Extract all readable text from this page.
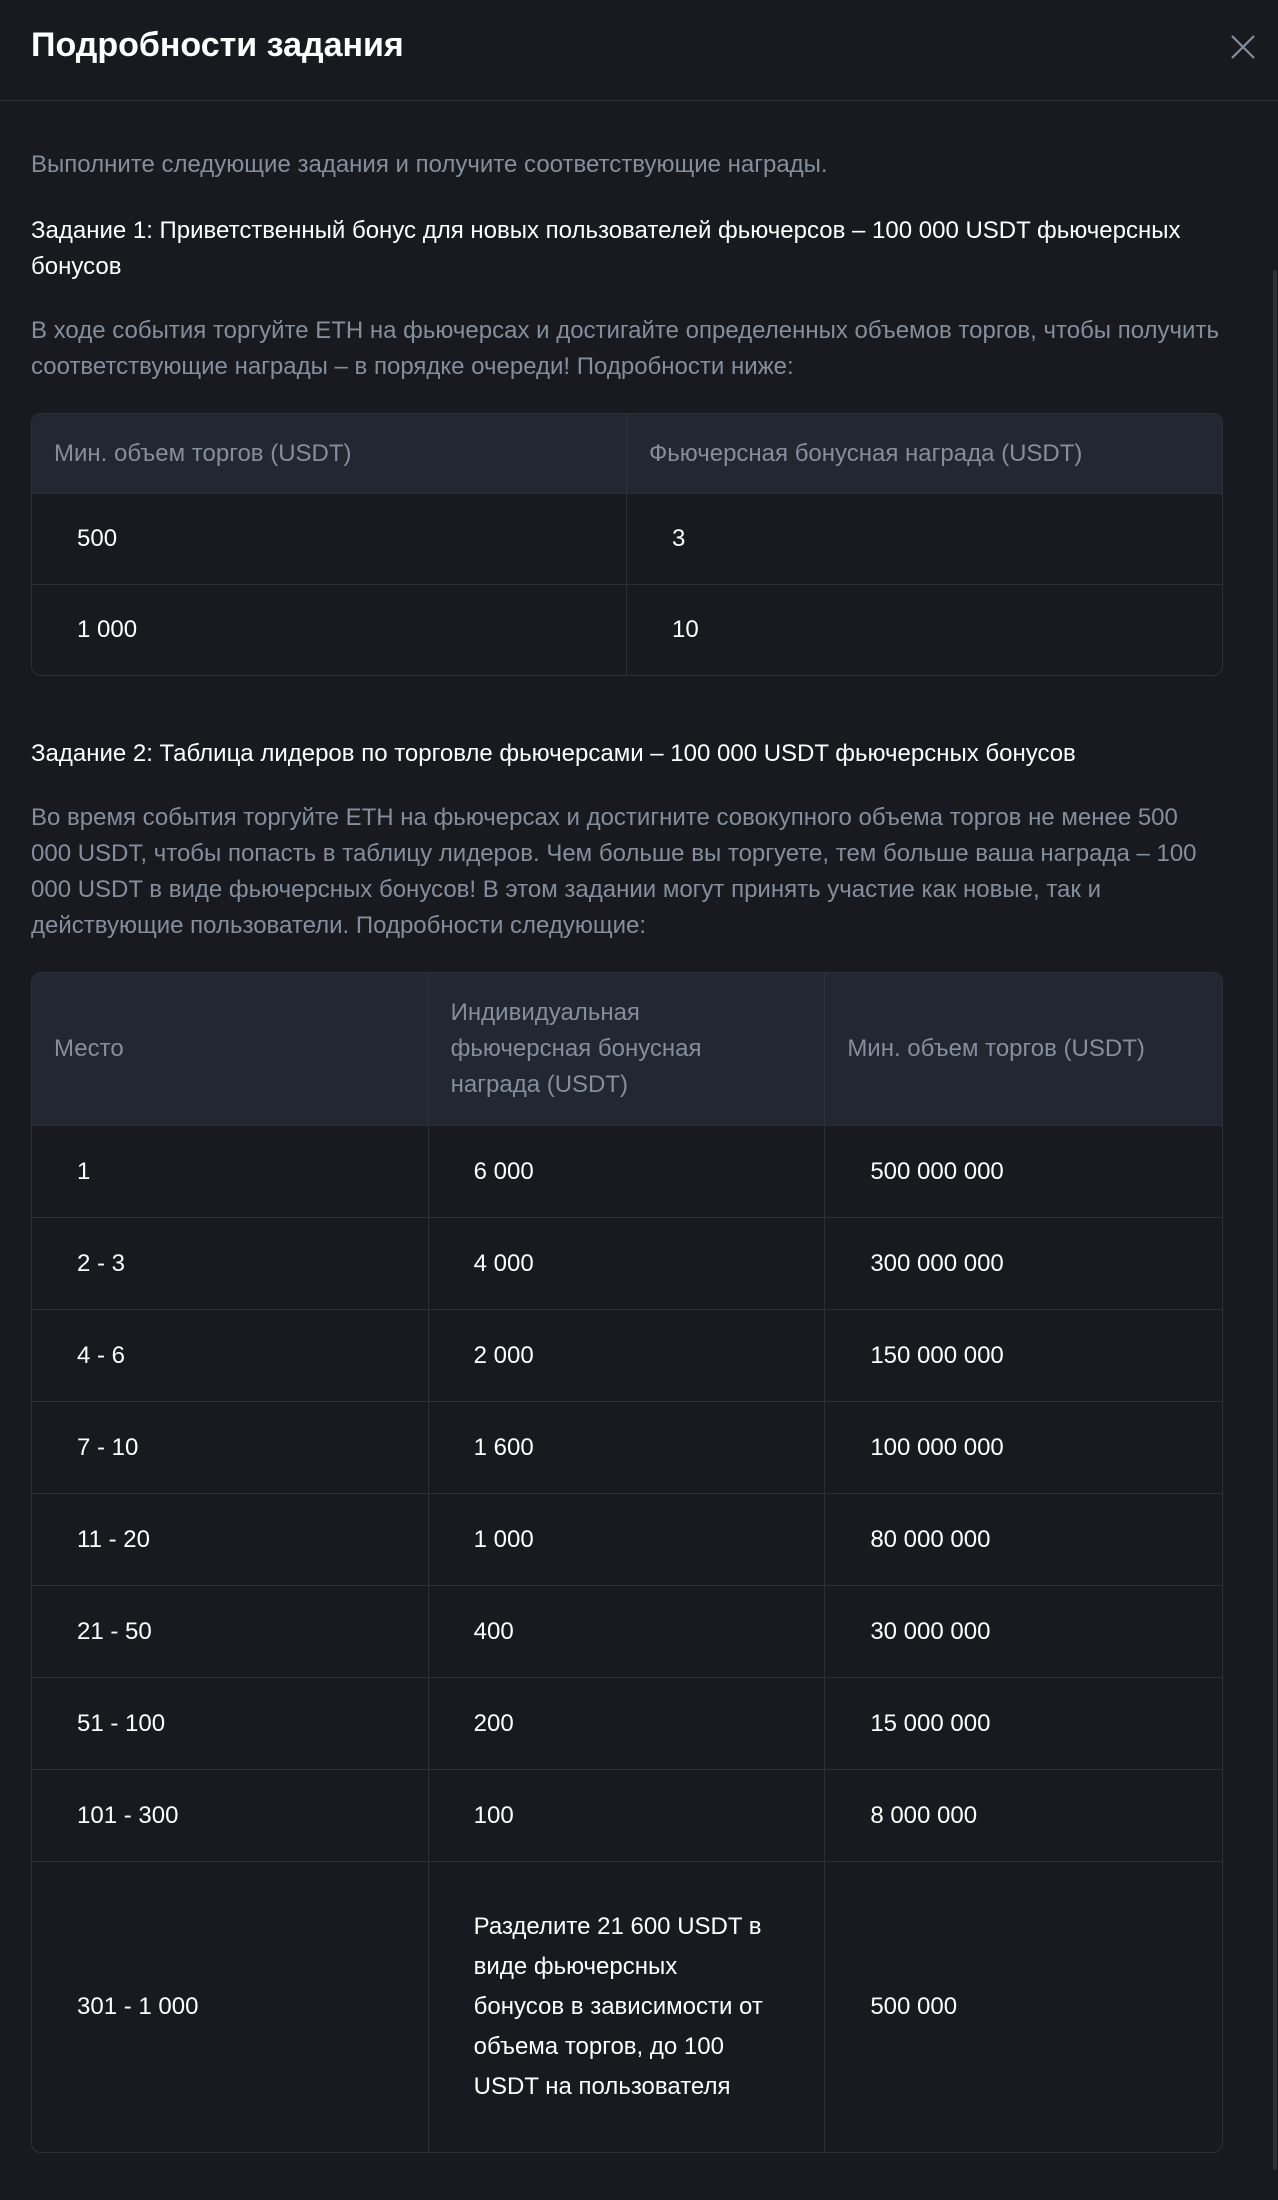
Подробности задания

Выполните следующие задания и получите соответствующие награды.

Задание 1: Приветственный бонус для новых пользователей фьючерсов – 100 000 USDT фьючерсных бонусов

В ходе события торгуйте ETH на фьючерсах и достигайте определенных объемов торгов, чтобы получить соответствующие награды – в порядке очереди! Подробности ниже:

Мин. объем торгов (USDT)	Фьючерсная бонусная награда (USDT)
500	3
1 000	10

Задание 2: Таблица лидеров по торговле фьючерсами – 100 000 USDT фьючерсных бонусов

Во время события торгуйте ETH на фьючерсах и достигните совокупного объема торгов не менее 500 000 USDT, чтобы попасть в таблицу лидеров. Чем больше вы торгуете, тем больше ваша награда – 100 000 USDT в виде фьючерсных бонусов! В этом задании могут принять участие как новые, так и действующие пользователи. Подробности следующие:

Место	Индивидуальная фьючерсная бонусная награда (USDT)	Мин. объем торгов (USDT)
1	6 000	500 000 000
2 - 3	4 000	300 000 000
4 - 6	2 000	150 000 000
7 - 10	1 600	100 000 000
11 - 20	1 000	80 000 000
21 - 50	400	30 000 000
51 - 100	200	15 000 000
101 - 300	100	8 000 000
301 - 1 000	Разделите 21 600 USDT в виде фьючерсных бонусов в зависимости от объема торгов, до 100 USDT на пользователя	500 000
